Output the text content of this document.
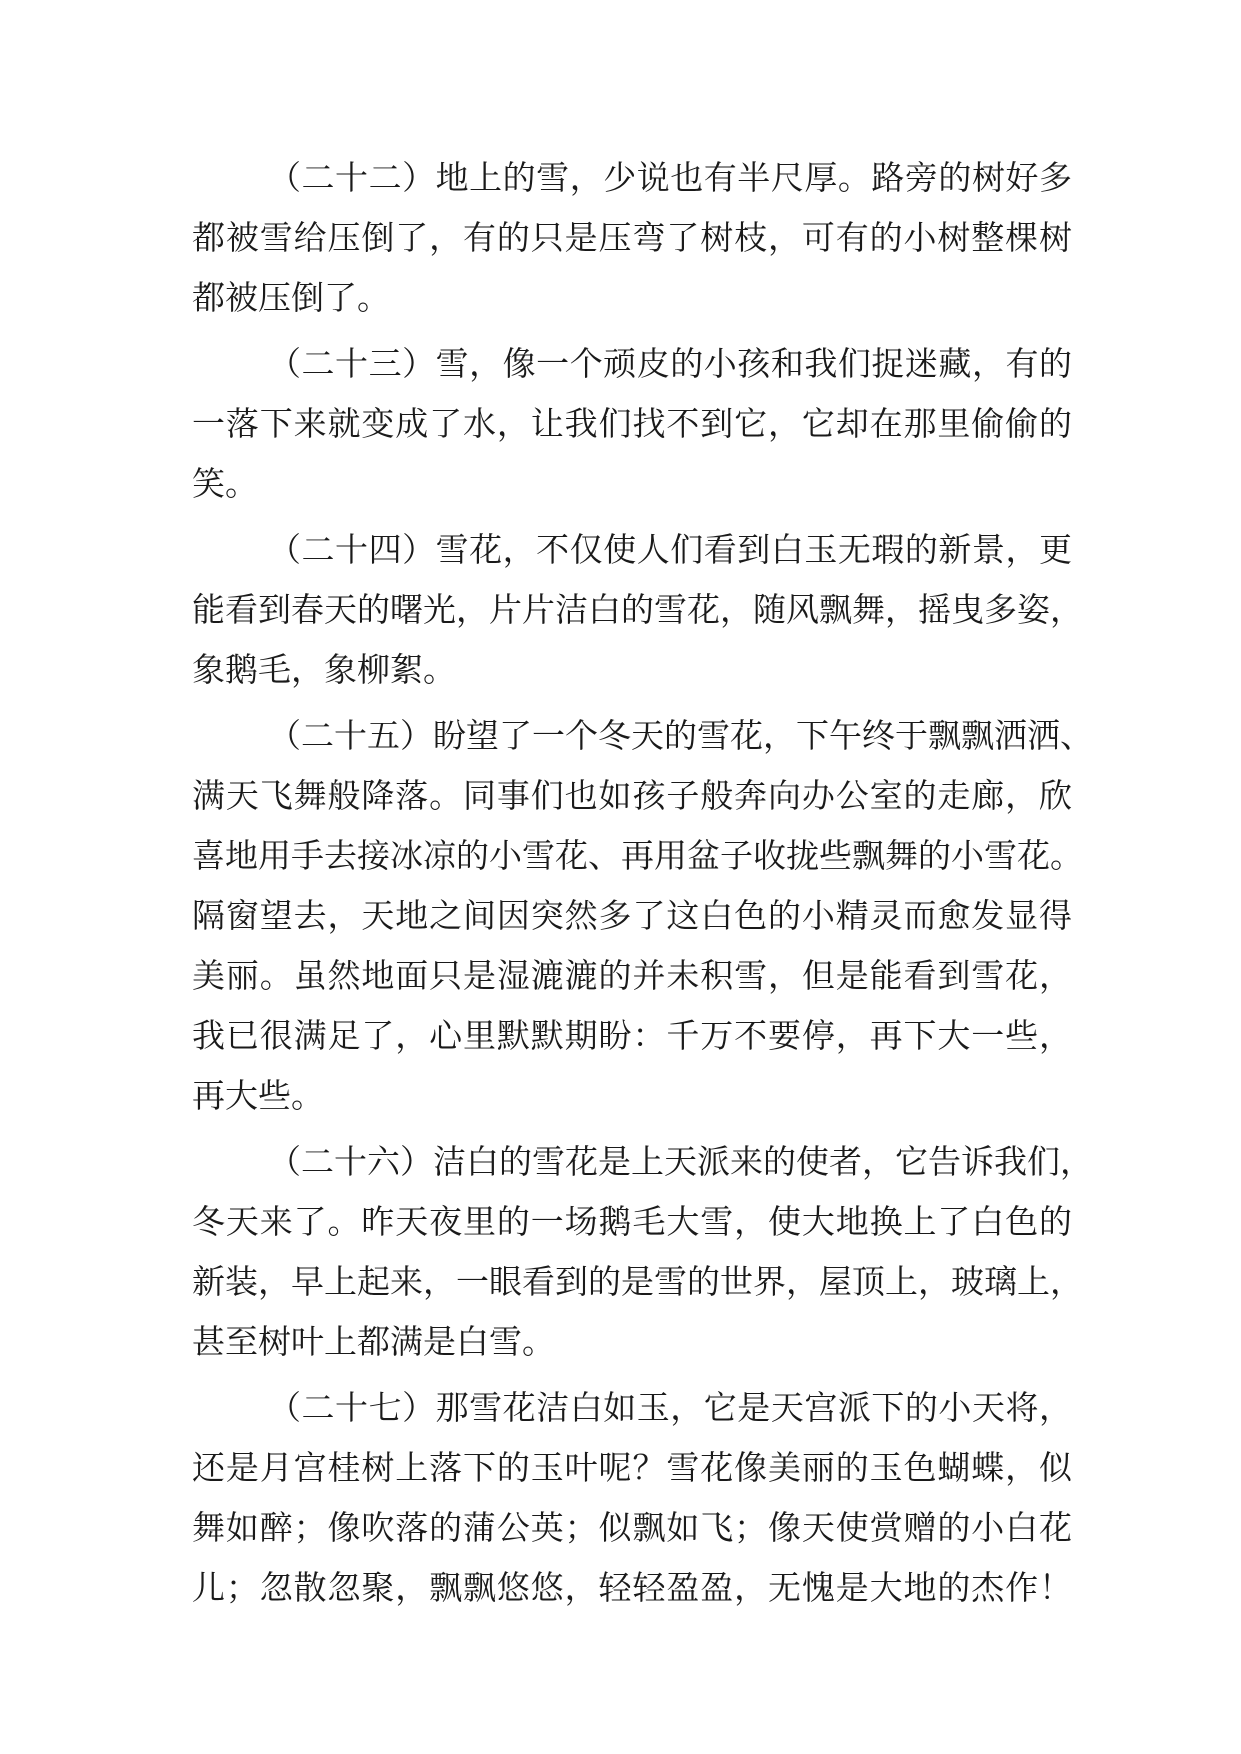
（二十二）地上的雪，少说也有半尺厚。路旁的树好多
都被雪给压倒了，有的只是压弯了树枝，可有的小树整棵树
都被压倒了。
（二十三）雪，像一个顽皮的小孩和我们捉迷藏，有的
一落下来就变成了水，让我们找不到它，它却在那里偷偷的
笑。
（二十四）雪花，不仅使人们看到白玉无瑕的新景，更
能看到春天的曙光，片片洁白的雪花，随风飘舞，摇曳多姿，
象鹅毛，象柳絮。
（二十五）盼望了一个冬天的雪花，下午终于飘飘洒洒、
满天飞舞般降落。同事们也如孩子般奔向办公室的走廊，欣
喜地用手去接冰凉的小雪花、再用盆子收拢些飘舞的小雪花。
隔窗望去，天地之间因突然多了这白色的小精灵而愈发显得
美丽。虽然地面只是湿漉漉的并未积雪，但是能看到雪花，
我已很满足了，心里默默期盼：千万不要停，再下大一些，
再大些。
（二十六）洁白的雪花是上天派来的使者，它告诉我们，
冬天来了。昨天夜里的一场鹅毛大雪，使大地换上了白色的
新装，早上起来，一眼看到的是雪的世界，屋顶上，玻璃上，
甚至树叶上都满是白雪。
（二十七）那雪花洁白如玉，它是天宫派下的小天将，
还是月宫桂树上落下的玉叶呢？雪花像美丽的玉色蝴蝶，似
舞如醉；像吹落的蒲公英；似飘如飞；像天使赏赠的小白花
儿；忽散忽聚，飘飘悠悠，轻轻盈盈，无愧是大地的杰作！
